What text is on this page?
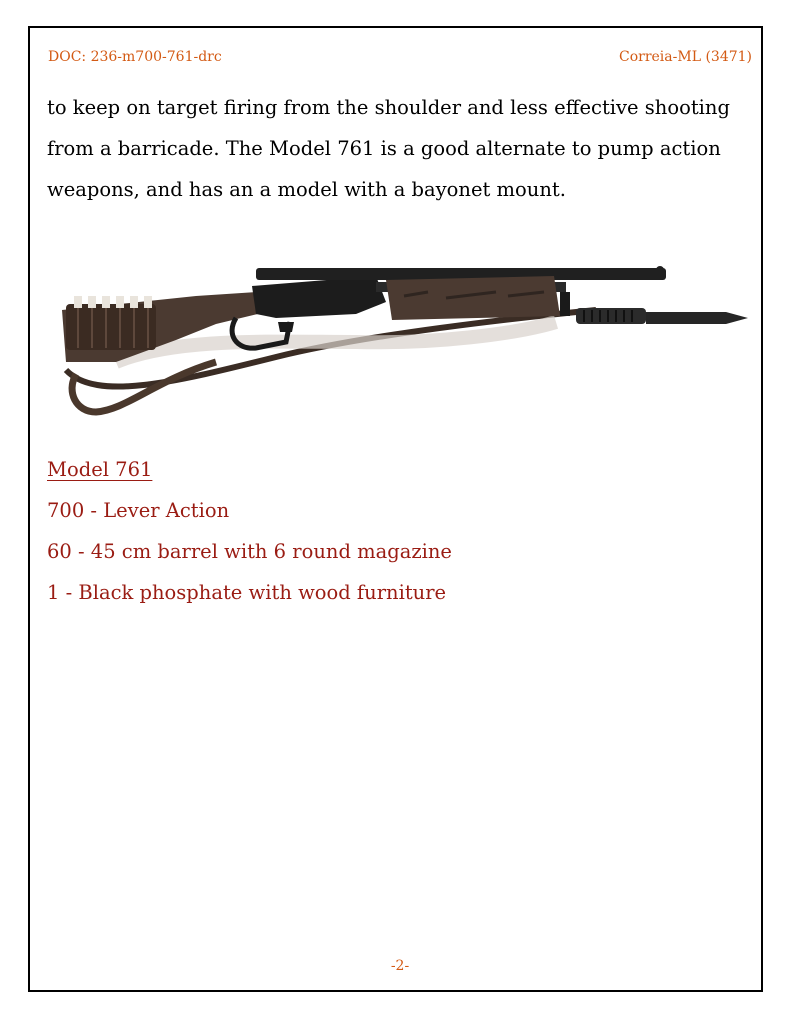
DOC: 236-m700-761-drc	Correia-ML (3471)

to keep on target firing from the shoulder and less effective shooting from a barricade. The Model 761 is a good alternate to pump action weapons, and has an a model with a bayonet mount.

Model 761
700 - Lever Action
60 - 45 cm barrel with 6 round magazine
1 - Black phosphate with wood furniture
-2-
